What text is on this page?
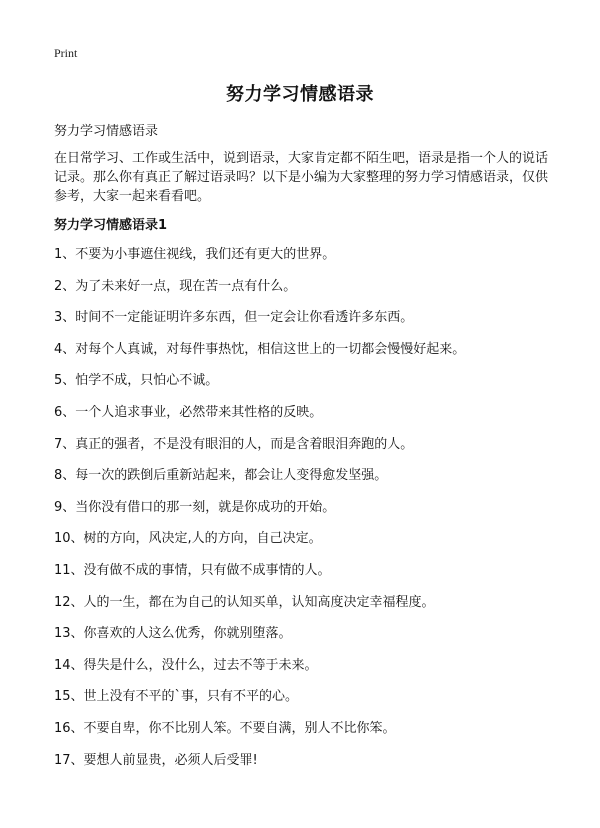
Print
努力学习情感语录

努力学习情感语录

在日常学习、工作或生活中，说到语录，大家肯定都不陌生吧，语录是指一个人的说话记录。那么你有真正了解过语录吗？以下是小编为大家整理的努力学习情感语录，仅供参考，大家一起来看看吧。

努力学习情感语录1
1、不要为小事遮住视线，我们还有更大的世界。
2、为了未来好一点，现在苦一点有什么。
3、时间不一定能证明许多东西，但一定会让你看透许多东西。
4、对每个人真诚，对每件事热忱，相信这世上的一切都会慢慢好起来。
5、怕学不成，只怕心不诚。
6、一个人追求事业，必然带来其性格的反映。
7、真正的强者，不是没有眼泪的人，而是含着眼泪奔跑的人。
8、每一次的跌倒后重新站起来，都会让人变得愈发坚强。
9、当你没有借口的那一刻，就是你成功的开始。
10、树的方向，风决定,人的方向，自己决定。
11、没有做不成的事情，只有做不成事情的人。
12、人的一生，都在为自己的认知买单，认知高度决定幸福程度。
13、你喜欢的人这么优秀，你就别堕落。
14、得失是什么，没什么，过去不等于未来。
15、世上没有不平的`事，只有不平的心。
16、不要自卑，你不比别人笨。不要自满，别人不比你笨。
17、要想人前显贵，必须人后受罪!
